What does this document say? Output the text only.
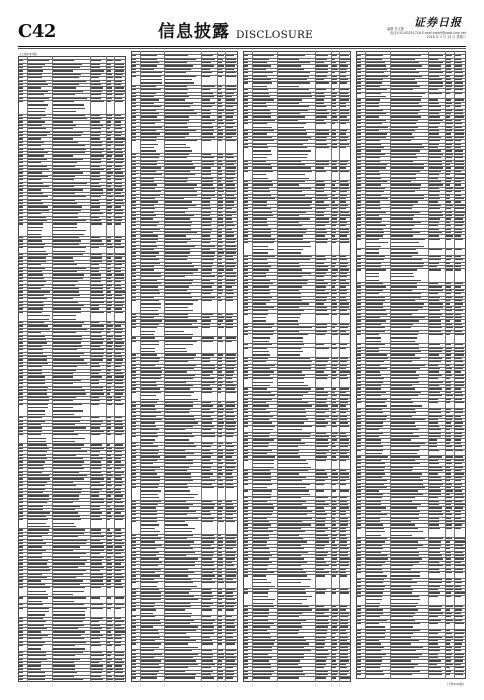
C42	信息披露 DISCLOSURE	编辑 李文静
电话:010-83251716 E-mail:zqrb9@zqrb.sina.net
2016 年 7 月 13 日 星期三
证券日报
(上接C41版)
(下转C43版)
